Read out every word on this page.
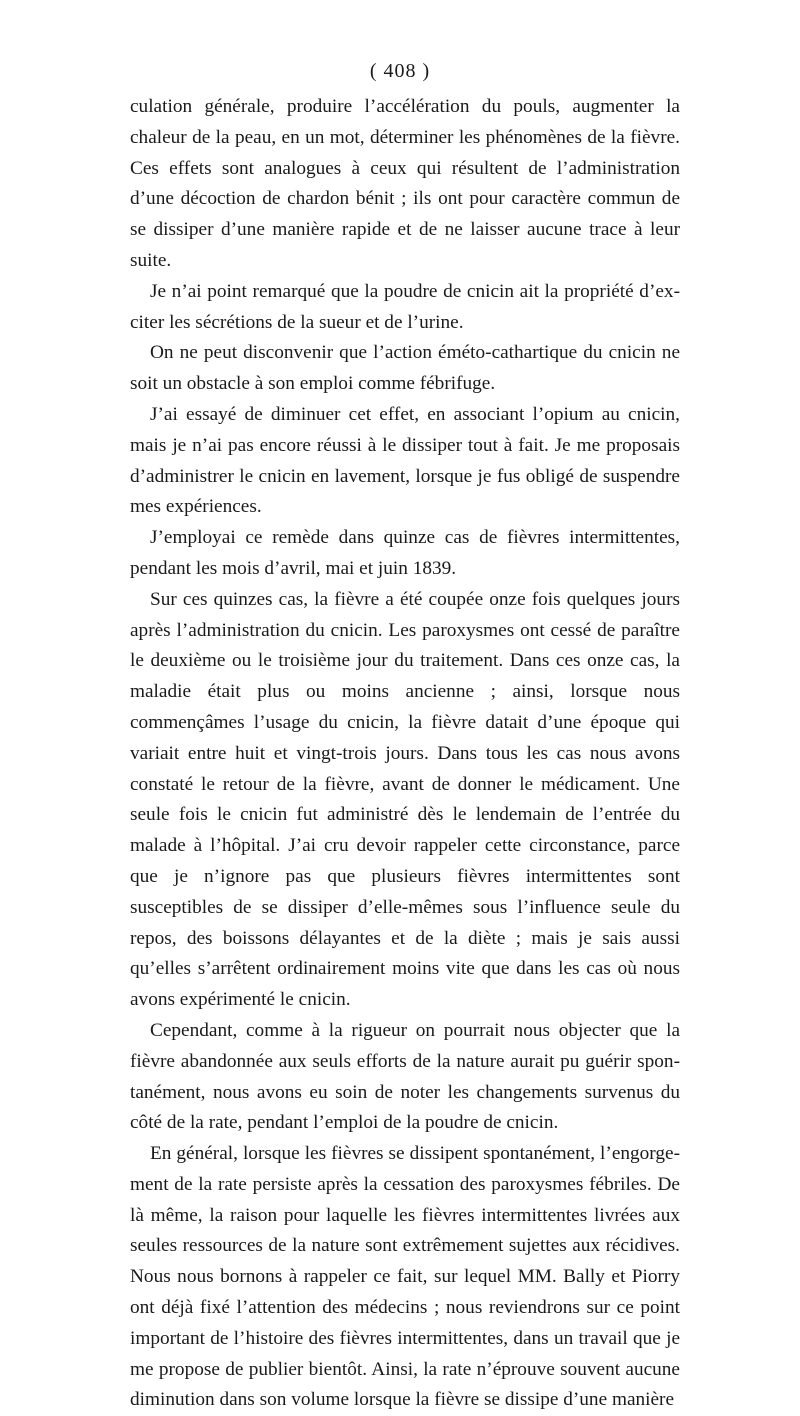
( 408 )

culation générale, produire l’accélération du pouls, augmenter la chaleur de la peau, en un mot, déterminer les phénomènes de la fièvre. Ces effets sont analogues à ceux qui résultent de l’administration d’une décoction de chardon bénit ; ils ont pour caractère commun de se dissiper d’une manière rapide et de ne laisser aucune trace à leur suite.

Je n’ai point remarqué que la poudre de cnicin ait la propriété d’exciter les sécrétions de la sueur et de l’urine.

On ne peut disconvenir que l’action éméto-cathartique du cnicin ne soit un obstacle à son emploi comme fébrifuge.

J’ai essayé de diminuer cet effet, en associant l’opium au cnicin, mais je n’ai pas encore réussi à le dissiper tout à fait. Je me proposais d’administrer le cnicin en lavement, lorsque je fus obligé de suspendre mes expériences.

J’employai ce remède dans quinze cas de fièvres intermittentes, pendant les mois d’avril, mai et juin 1839.

Sur ces quinzes cas, la fièvre a été coupée onze fois quelques jours après l’administration du cnicin. Les paroxysmes ont cessé de paraître le deuxième ou le troisième jour du traitement. Dans ces onze cas, la maladie était plus ou moins ancienne ; ainsi, lorsque nous commençâmes l’usage du cnicin, la fièvre datait d’une époque qui variait entre huit et vingt-trois jours. Dans tous les cas nous avons constaté le retour de la fièvre, avant de donner le médicament. Une seule fois le cnicin fut administré dès le lendemain de l’entrée du malade à l’hôpital. J’ai cru devoir rappeler cette circonstance, parce que je n’ignore pas que plusieurs fièvres intermittentes sont susceptibles de se dissiper d’elle-mêmes sous l’influence seule du repos, des boissons délayantes et de la diète ; mais je sais aussi qu’elles s’arrêtent ordinairement moins vite que dans les cas où nous avons expérimenté le cnicin.

Cependant, comme à la rigueur on pourrait nous objecter que la fièvre abandonnée aux seuls efforts de la nature aurait pu guérir spontanément, nous avons eu soin de noter les changements survenus du côté de la rate, pendant l’emploi de la poudre de cnicin.

En général, lorsque les fièvres se dissipent spontanément, l’engorgement de la rate persiste après la cessation des paroxysmes fébriles. De là même, la raison pour laquelle les fièvres intermittentes livrées aux seules ressources de la nature sont extrêmement sujettes aux récidives. Nous nous bornons à rappeler ce fait, sur lequel MM. Bally et Piorry ont déjà fixé l’attention des médecins ; nous reviendrons sur ce point important de l’histoire des fièvres intermittentes, dans un travail que je me propose de publier bientôt. Ainsi, la rate n’éprouve souvent aucune diminution dans son volume lorsque la fièvre se dissipe d’une manière
